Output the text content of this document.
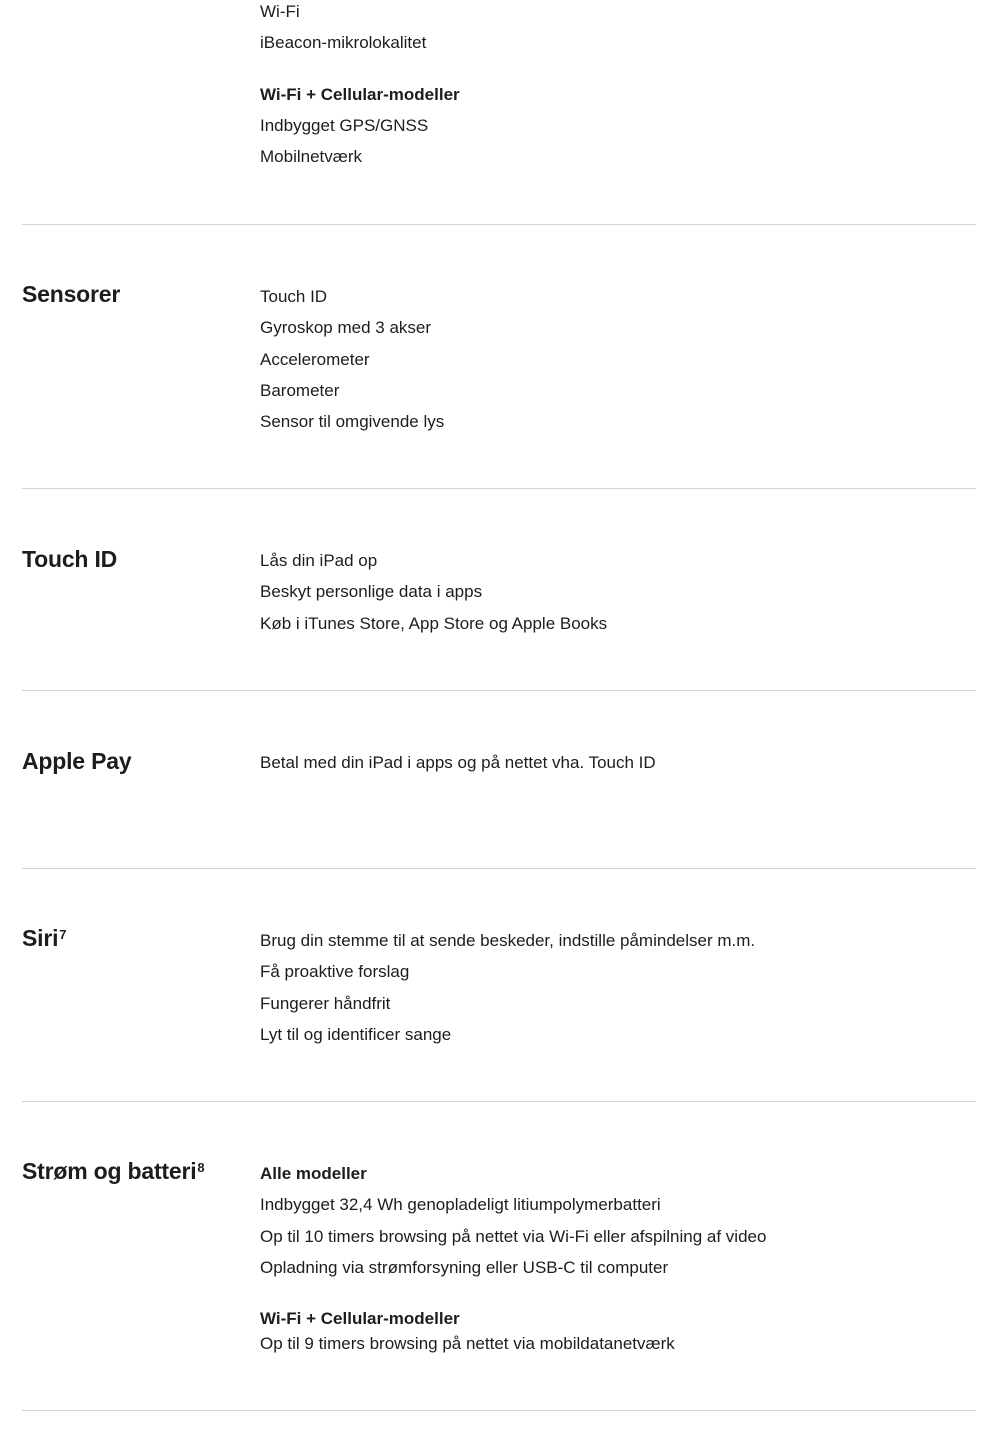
Wi-Fi
iBeacon-mikrolokalitet
Wi-Fi + Cellular-modeller
Indbygget GPS/GNSS
Mobilnetværk
Sensorer	Touch ID
Gyroskop med 3 akser
Accelerometer
Barometer
Sensor til omgivende lys
Touch ID	Lås din iPad op
Beskyt personlige data i apps
Køb i iTunes Store, App Store og Apple Books
Apple Pay	Betal med din iPad i apps og på nettet vha. Touch ID
Siri$^7$	Brug din stemme til at sende beskeder, indstille påmindelser m.m.
Få proaktive forslag
Fungerer håndfrit
Lyt til og identificer sange
Strøm og batteri$^8$	Alle modeller
Indbygget 32,4 Wh genopladeligt litiumpolymerbatteri
Op til 10 timers browsing på nettet via Wi-Fi eller afspilning af video
Opladning via strømforsyning eller USB-C til computer
Wi-Fi + Cellular-modeller
Op til 9 timers browsing på nettet via mobildatanetværk
